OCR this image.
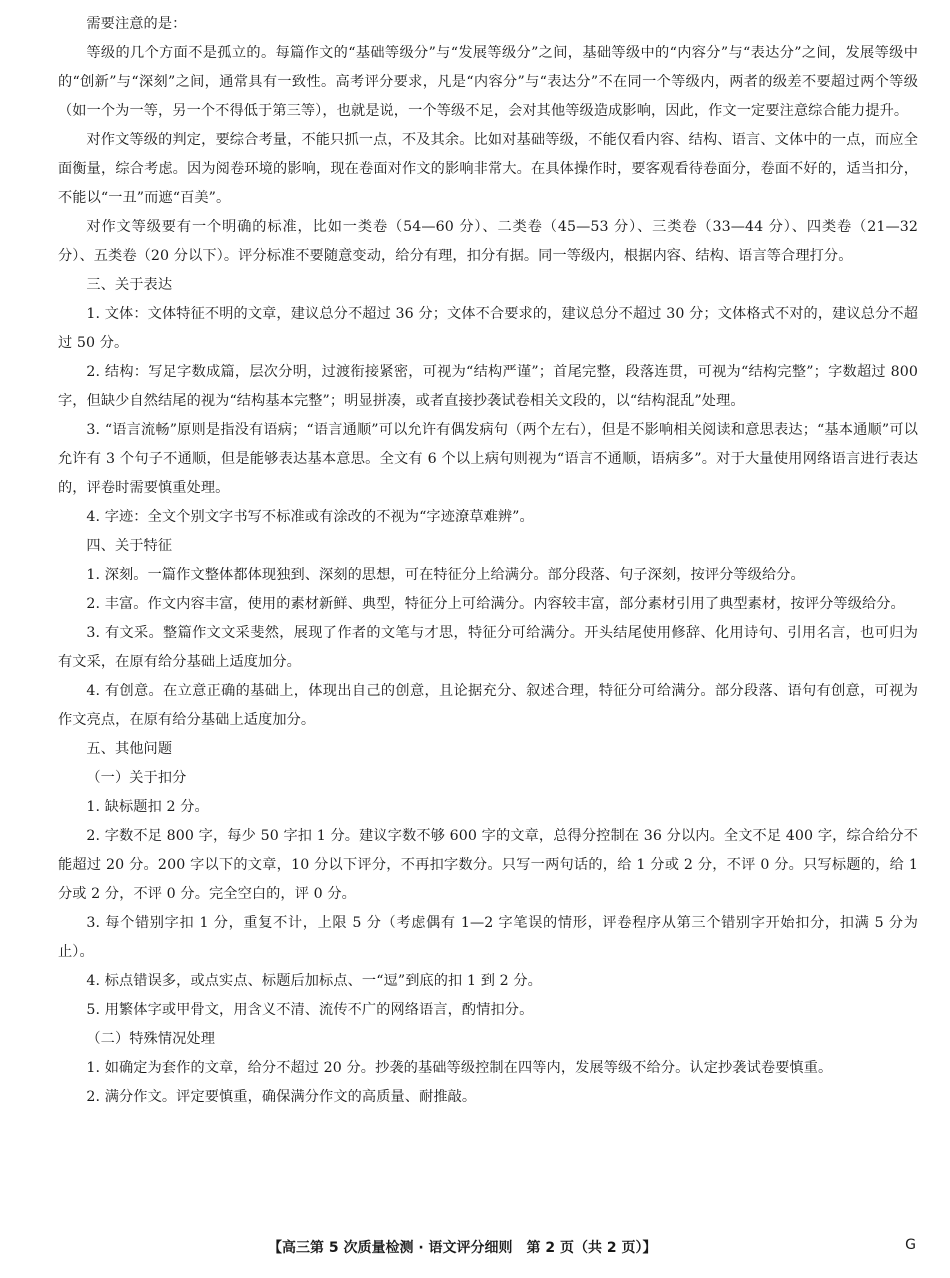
需要注意的是：

等级的几个方面不是孤立的。每篇作文的“基础等级分”与“发展等级分”之间，基础等级中的“内容分”与“表达分”之间，发展等级中的“创新”与“深刻”之间，通常具有一致性。高考评分要求，凡是“内容分”与“表达分”不在同一个等级内，两者的级差不要超过两个等级（如一个为一等，另一个不得低于第三等），也就是说，一个等级不足，会对其他等级造成影响，因此，作文一定要注意综合能力提升。

对作文等级的判定，要综合考量，不能只抓一点，不及其余。比如对基础等级，不能仅看内容、结构、语言、文体中的一点，而应全面衡量，综合考虑。因为阅卷环境的影响，现在卷面对作文的影响非常大。在具体操作时，要客观看待卷面分，卷面不好的，适当扣分，不能以“一丑”而遮“百美”。

对作文等级要有一个明确的标准，比如一类卷（54—60 分）、二类卷（45—53 分）、三类卷（33—44 分）、四类卷（21—32 分）、五类卷（20 分以下）。评分标准不要随意变动，给分有理，扣分有据。同一等级内，根据内容、结构、语言等合理打分。

三、关于表达

1. 文体：文体特征不明的文章，建议总分不超过 36 分；文体不合要求的，建议总分不超过 30 分；文体格式不对的，建议总分不超过 50 分。

2. 结构：写足字数成篇，层次分明，过渡衔接紧密，可视为“结构严谨”；首尾完整，段落连贯，可视为“结构完整”；字数超过 800 字，但缺少自然结尾的视为“结构基本完整”；明显拼凑，或者直接抄袭试卷相关文段的，以“结构混乱”处理。

3. “语言流畅”原则是指没有语病；“语言通顺”可以允许有偶发病句（两个左右），但是不影响相关阅读和意思表达；“基本通顺”可以允许有 3 个句子不通顺，但是能够表达基本意思。全文有 6 个以上病句则视为“语言不通顺，语病多”。对于大量使用网络语言进行表达的，评卷时需要慎重处理。

4. 字迹：全文个别文字书写不标准或有涂改的不视为“字迹潦草难辨”。

四、关于特征

1. 深刻。一篇作文整体都体现独到、深刻的思想，可在特征分上给满分。部分段落、句子深刻，按评分等级给分。

2. 丰富。作文内容丰富，使用的素材新鲜、典型，特征分上可给满分。内容较丰富，部分素材引用了典型素材，按评分等级给分。

3. 有文采。整篇作文文采斐然，展现了作者的文笔与才思，特征分可给满分。开头结尾使用修辞、化用诗句、引用名言，也可归为有文采，在原有给分基础上适度加分。

4. 有创意。在立意正确的基础上，体现出自己的创意，且论据充分、叙述合理，特征分可给满分。部分段落、语句有创意，可视为作文亮点，在原有给分基础上适度加分。

五、其他问题

（一）关于扣分

1. 缺标题扣 2 分。

2. 字数不足 800 字，每少 50 字扣 1 分。建议字数不够 600 字的文章，总得分控制在 36 分以内。全文不足 400 字，综合给分不能超过 20 分。200 字以下的文章，10 分以下评分，不再扣字数分。只写一两句话的，给 1 分或 2 分，不评 0 分。只写标题的，给 1 分或 2 分，不评 0 分。完全空白的，评 0 分。

3. 每个错别字扣 1 分，重复不计，上限 5 分（考虑偶有 1—2 字笔误的情形，评卷程序从第三个错别字开始扣分，扣满 5 分为止）。

4. 标点错误多，或点实点、标题后加标点、一“逗”到底的扣 1 到 2 分。

5. 用繁体字或甲骨文，用含义不清、流传不广的网络语言，酌情扣分。

（二）特殊情况处理

1. 如确定为套作的文章，给分不超过 20 分。抄袭的基础等级控制在四等内，发展等级不给分。认定抄袭试卷要慎重。

2. 满分作文。评定要慎重，确保满分作文的高质量、耐推敲。

【高三第 5 次质量检测 · 语文评分细则　第 2 页（共 2 页）】	G
